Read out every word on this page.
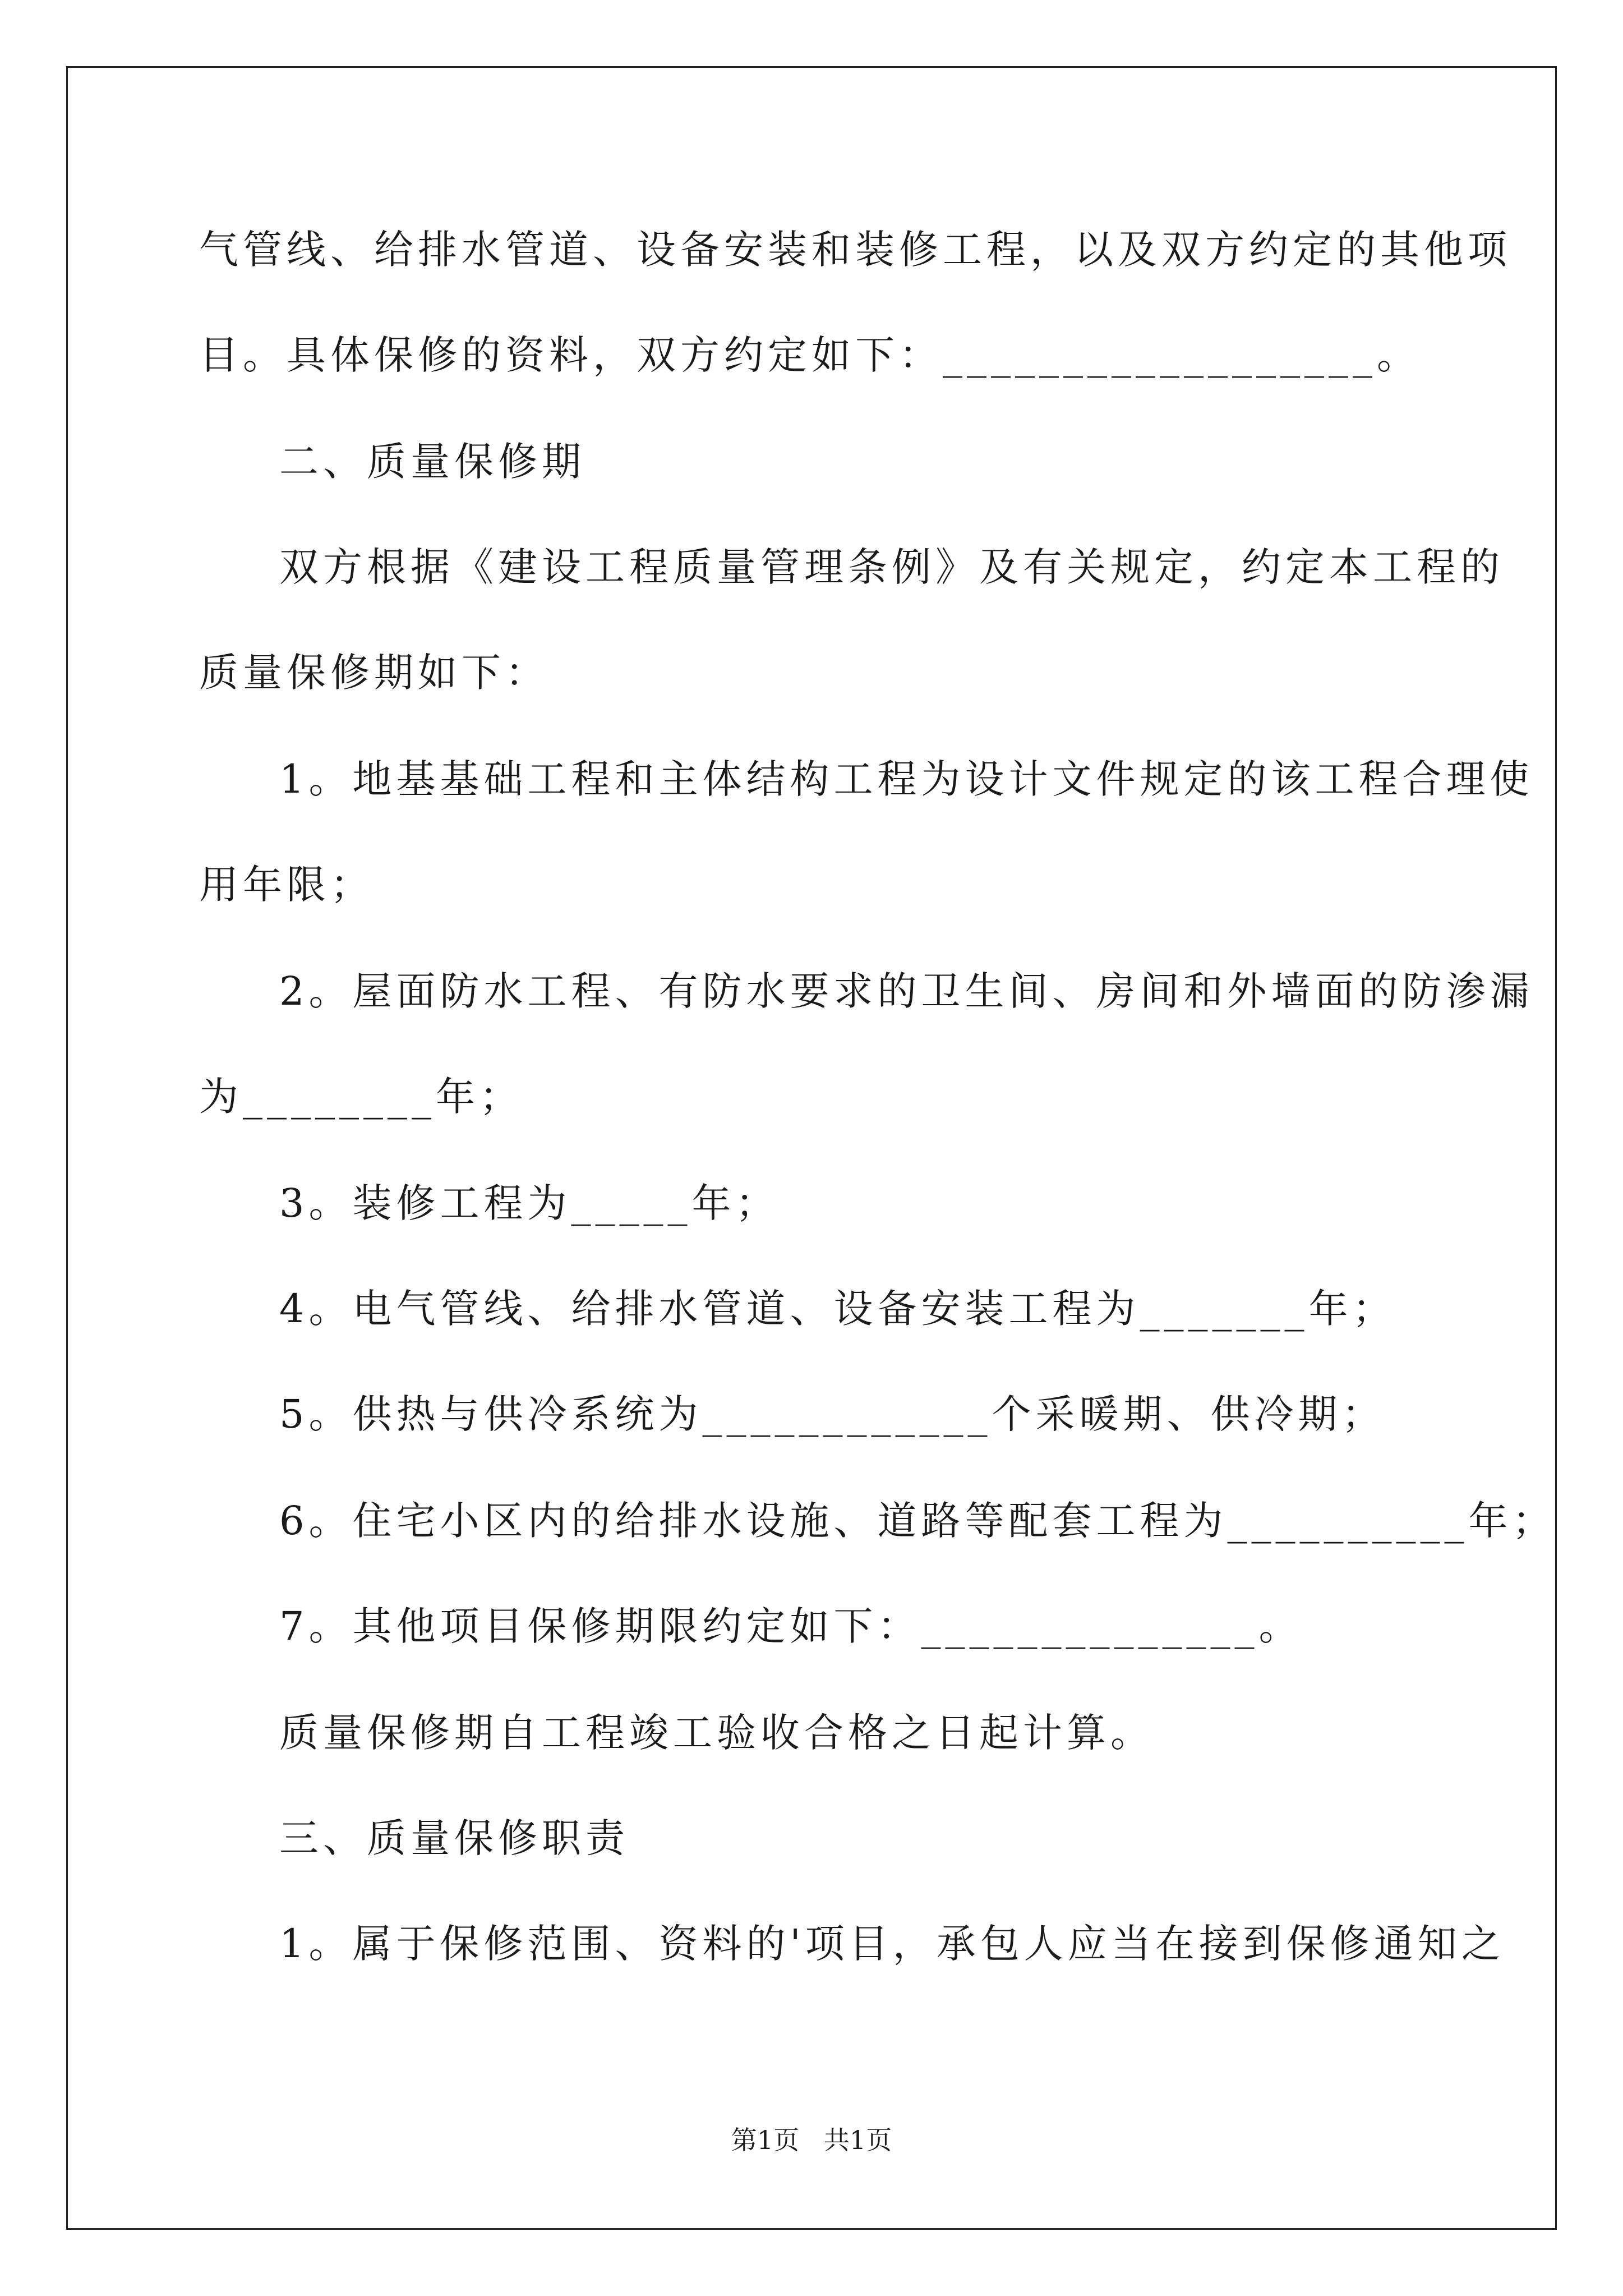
气管线、给排水管道、设备安装和装修工程，以及双方约定的其他项
目。具体保修的资料，双方约定如下：__________________。
二、质量保修期
双方根据《建设工程质量管理条例》及有关规定，约定本工程的
质量保修期如下：
1。地基基础工程和主体结构工程为设计文件规定的该工程合理使
用年限；
2。屋面防水工程、有防水要求的卫生间、房间和外墙面的防渗漏
为________年；
3。装修工程为_____年；
4。电气管线、给排水管道、设备安装工程为_______年；
5。供热与供冷系统为____________个采暖期、供冷期；
6。住宅小区内的给排水设施、道路等配套工程为__________年；
7。其他项目保修期限约定如下：______________。
质量保修期自工程竣工验收合格之日起计算。
三、质量保修职责
1。属于保修范围、资料的'项目，承包人应当在接到保修通知之
第1页   共1页
